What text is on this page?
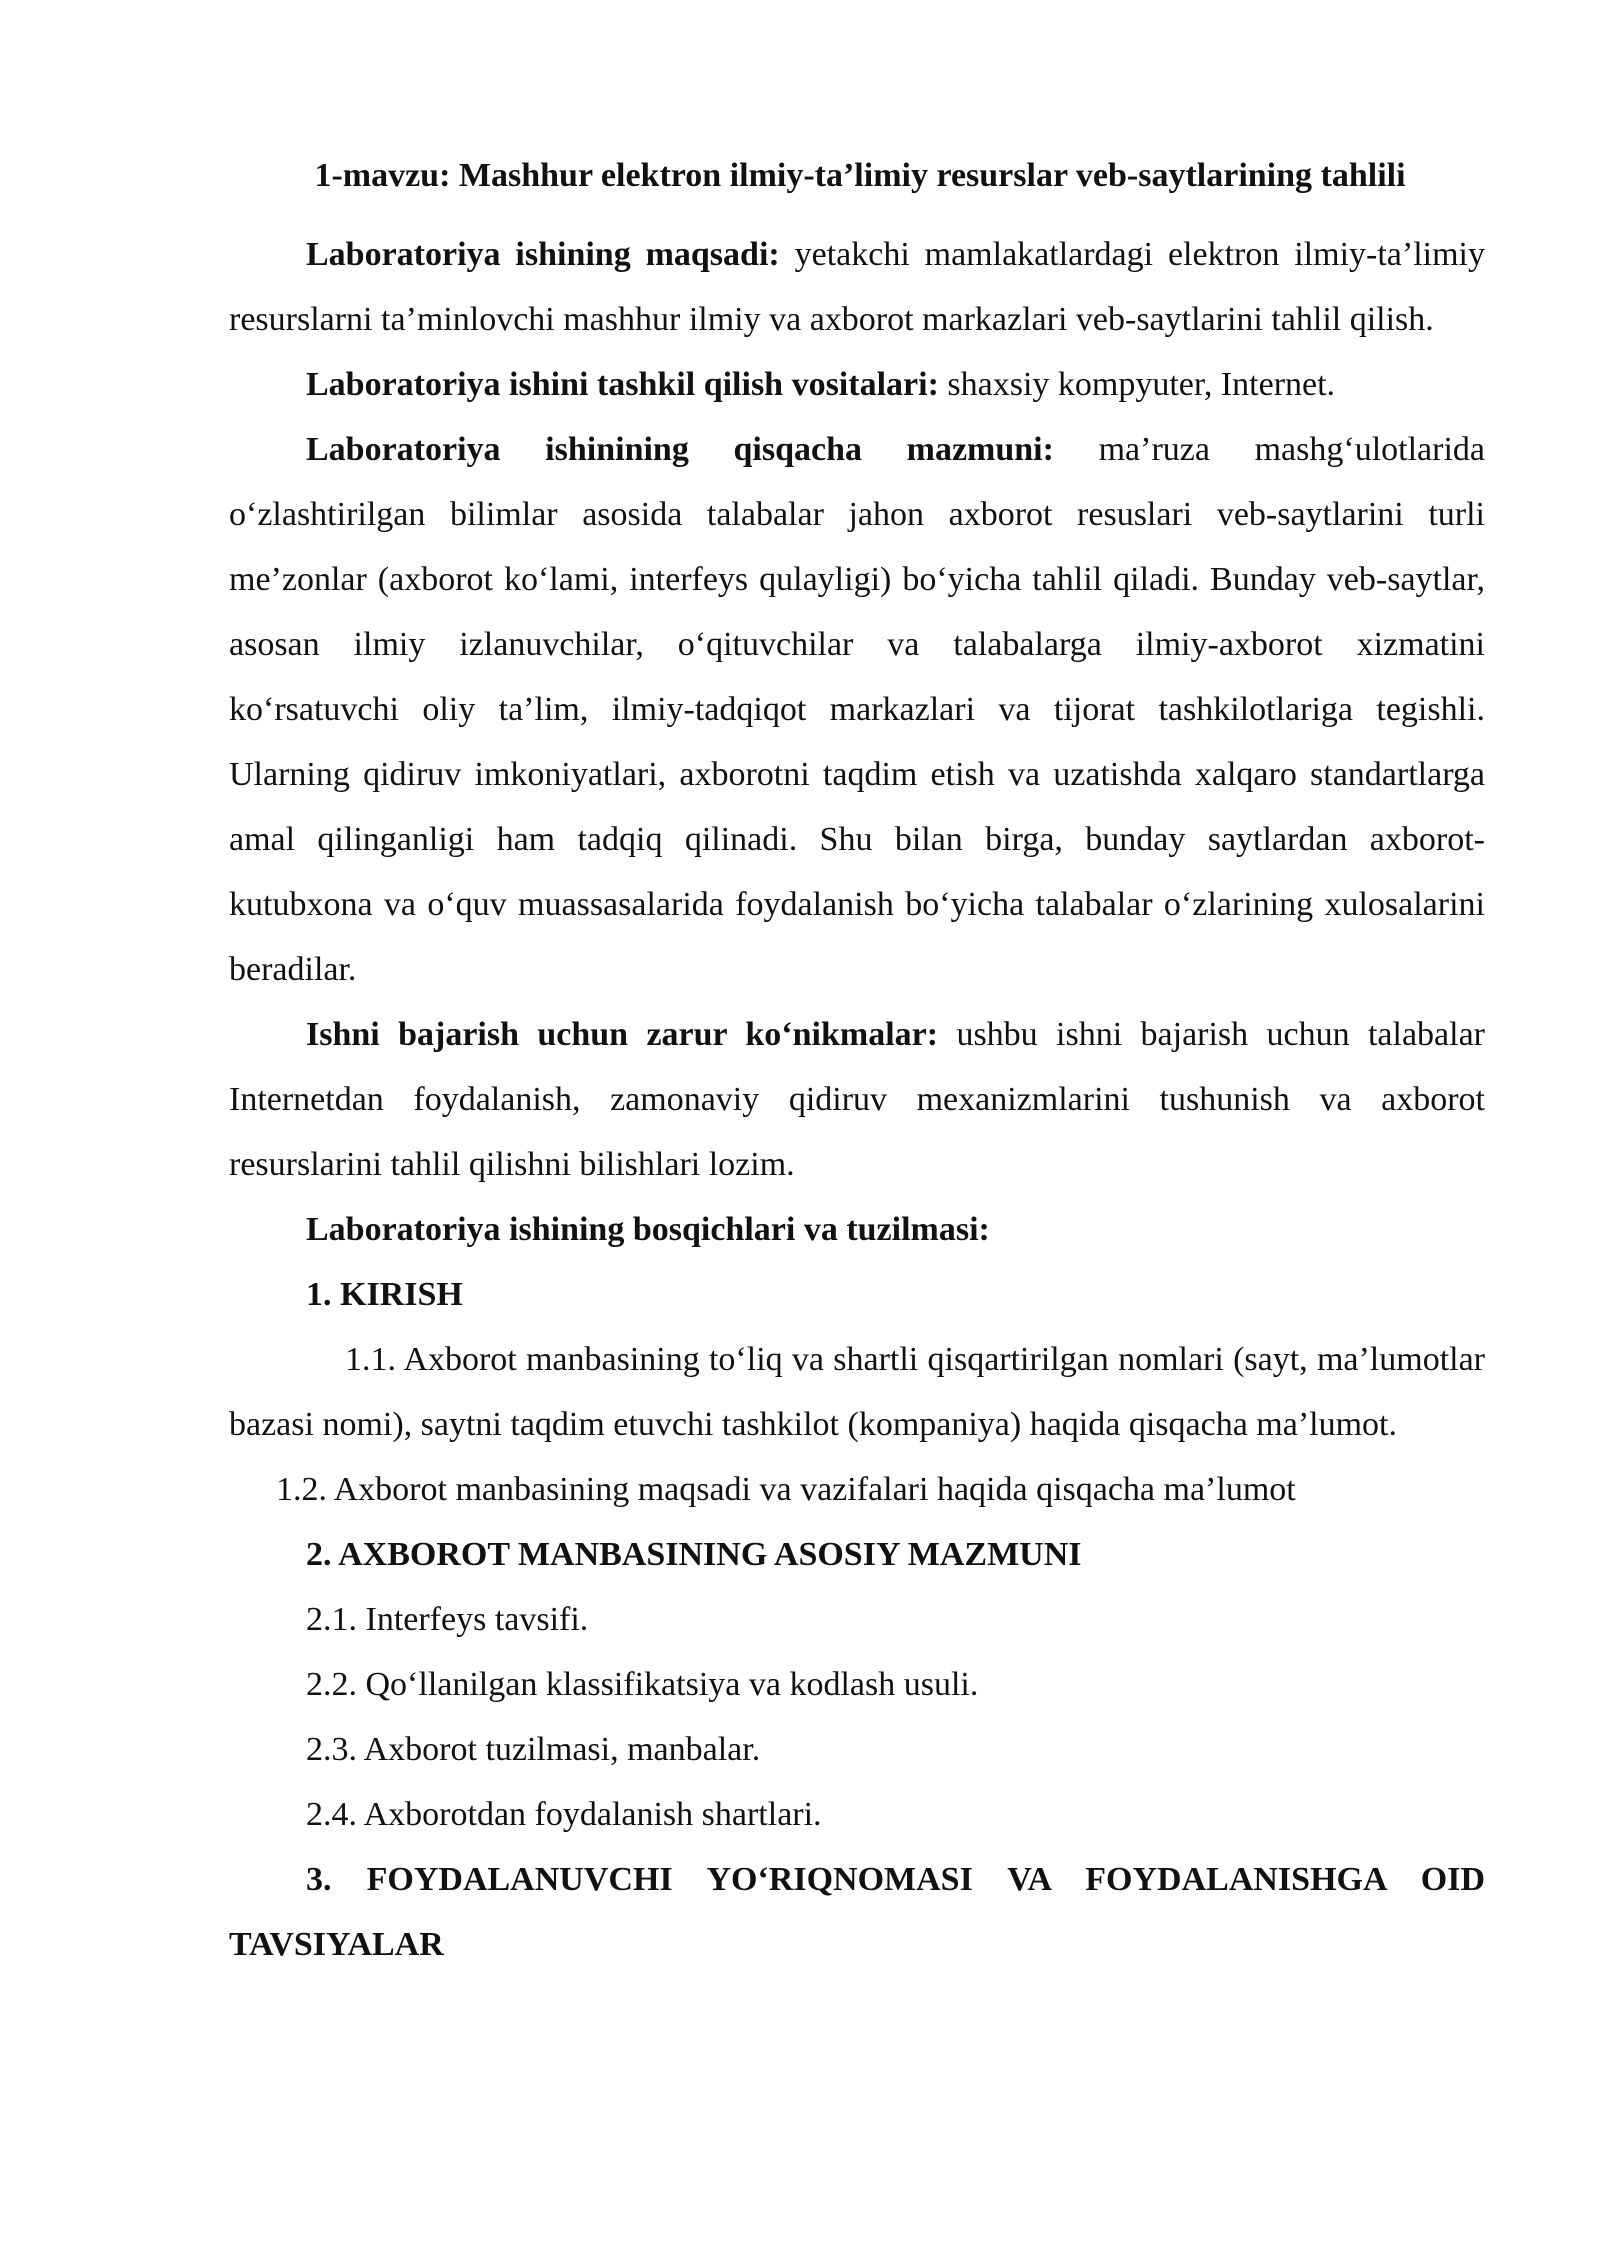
1-mavzu: Mashhur elektron ilmiy-ta’limiy resurslar veb-saytlarining tahlili

Laboratoriya ishining maqsadi: yetakchi mamlakatlardagi elektron ilmiy-ta’limiy resurslarni ta’minlovchi mashhur ilmiy va axborot markazlari veb-saytlarini tahlil qilish.

Laboratoriya ishini tashkil qilish vositalari: shaxsiy kompyuter, Internet.

Laboratoriya ishinining qisqacha mazmuni: ma’ruza mashg‘ulotlarida o‘zlashtirilgan bilimlar asosida talabalar jahon axborot resuslari veb-saytlarini turli me’zonlar (axborot ko‘lami, interfeys qulayligi) bo‘yicha tahlil qiladi. Bunday veb-saytlar, asosan ilmiy izlanuvchilar, o‘qituvchilar va talabalarga ilmiy-axborot xizmatini ko‘rsatuvchi oliy ta’lim, ilmiy-tadqiqot markazlari va tijorat tashkilotlariga tegishli. Ularning qidiruv imkoniyatlari, axborotni taqdim etish va uzatishda xalqaro standartlarga amal qilinganligi ham tadqiq qilinadi. Shu bilan birga, bunday saytlardan axborot-kutubxona va o‘quv muassasalarida foydalanish bo‘yicha talabalar o‘zlarining xulosalarini beradilar.

Ishni bajarish uchun zarur ko‘nikmalar: ushbu ishni bajarish uchun talabalar Internetdan foydalanish, zamonaviy qidiruv mexanizmlarini tushunish va axborot resurslarini tahlil qilishni bilishlari lozim.

Laboratoriya ishining bosqichlari va tuzilmasi:

1. KIRISH

1.1. Axborot manbasining to‘liq va shartli qisqartirilgan nomlari (sayt, ma’lumotlar bazasi nomi), saytni taqdim etuvchi tashkilot (kompaniya) haqida qisqacha ma’lumot.

1.2. Axborot manbasining maqsadi va vazifalari haqida qisqacha ma’lumot

2. AXBOROT MANBASINING ASOSIY MAZMUNI

2.1. Interfeys tavsifi.

2.2. Qo‘llanilgan klassifikatsiya va kodlash usuli.

2.3. Axborot tuzilmasi, manbalar.

2.4. Axborotdan foydalanish shartlari.

3. FOYDALANUVCHI YO‘RIQNOMASI VA FOYDALANISHGA OID TAVSIYALAR
